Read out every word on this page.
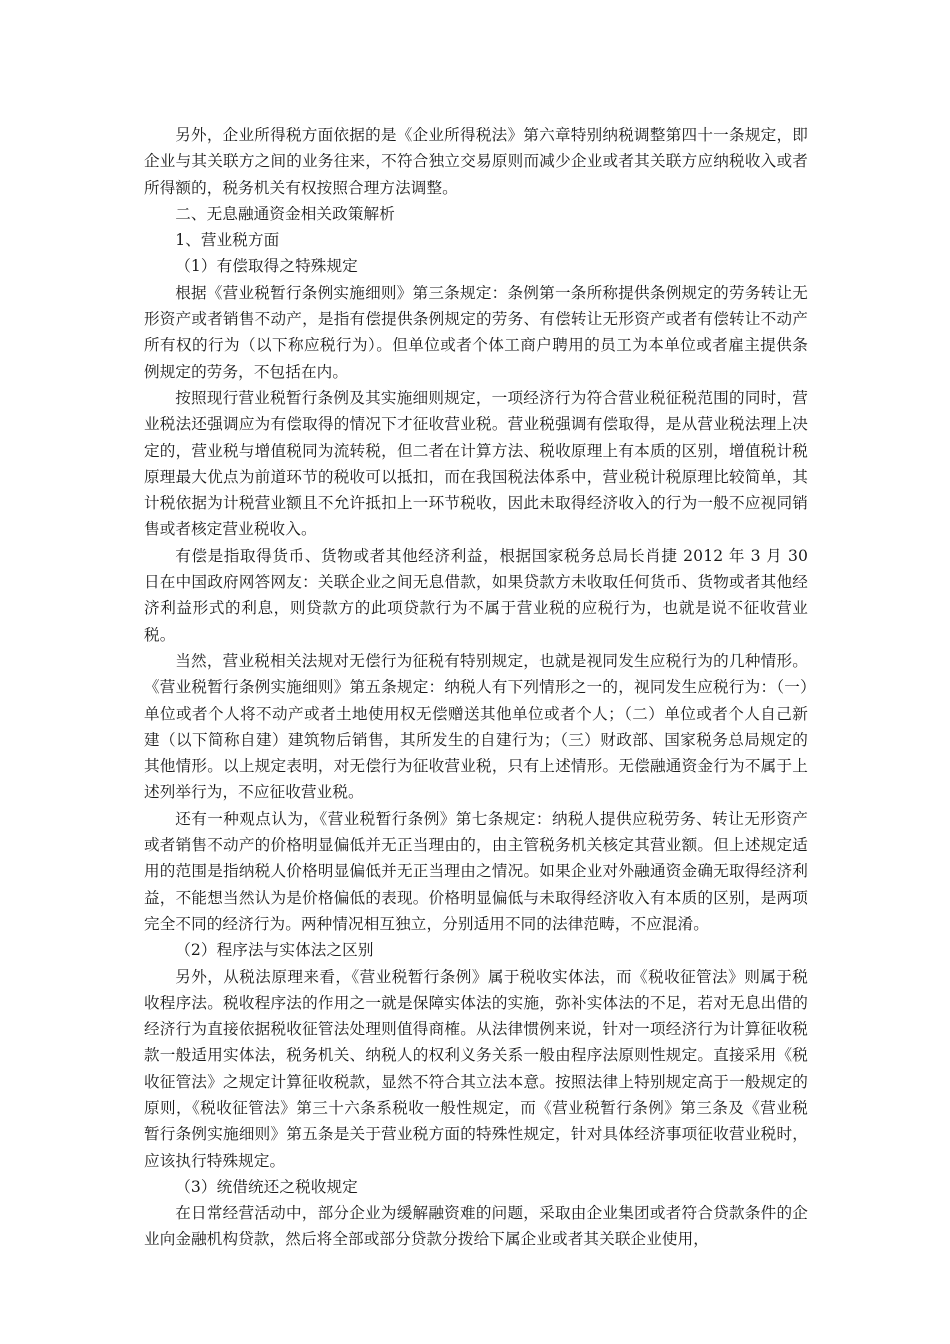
另外，企业所得税方面依据的是《企业所得税法》第六章特别纳税调整第四十一条规定，即企业与其关联方之间的业务往来，不符合独立交易原则而减少企业或者其关联方应纳税收入或者所得额的，税务机关有权按照合理方法调整。

二、无息融通资金相关政策解析

1、营业税方面

（1）有偿取得之特殊规定

根据《营业税暂行条例实施细则》第三条规定：条例第一条所称提供条例规定的劳务转让无形资产或者销售不动产，是指有偿提供条例规定的劳务、有偿转让无形资产或者有偿转让不动产所有权的行为（以下称应税行为）。但单位或者个体工商户聘用的员工为本单位或者雇主提供条例规定的劳务，不包括在内。

按照现行营业税暂行条例及其实施细则规定，一项经济行为符合营业税征税范围的同时，营业税法还强调应为有偿取得的情况下才征收营业税。营业税强调有偿取得，是从营业税法理上决定的，营业税与增值税同为流转税，但二者在计算方法、税收原理上有本质的区别，增值税计税原理最大优点为前道环节的税收可以抵扣，而在我国税法体系中，营业税计税原理比较简单，其计税依据为计税营业额且不允许抵扣上一环节税收，因此未取得经济收入的行为一般不应视同销售或者核定营业税收入。

有偿是指取得货币、货物或者其他经济利益，根据国家税务总局长肖捷 2012 年 3 月 30 日在中国政府网答网友：关联企业之间无息借款，如果贷款方未收取任何货币、货物或者其他经济利益形式的利息，则贷款方的此项贷款行为不属于营业税的应税行为，也就是说不征收营业税。

当然，营业税相关法规对无偿行为征税有特别规定，也就是视同发生应税行为的几种情形。《营业税暂行条例实施细则》第五条规定：纳税人有下列情形之一的，视同发生应税行为：（一）单位或者个人将不动产或者土地使用权无偿赠送其他单位或者个人；（二）单位或者个人自己新建（以下简称自建）建筑物后销售，其所发生的自建行为；（三）财政部、国家税务总局规定的其他情形。以上规定表明，对无偿行为征收营业税，只有上述情形。无偿融通资金行为不属于上述列举行为，不应征收营业税。

还有一种观点认为，《营业税暂行条例》第七条规定：纳税人提供应税劳务、转让无形资产或者销售不动产的价格明显偏低并无正当理由的，由主管税务机关核定其营业额。但上述规定适用的范围是指纳税人价格明显偏低并无正当理由之情况。如果企业对外融通资金确无取得经济利益，不能想当然认为是价格偏低的表现。价格明显偏低与未取得经济收入有本质的区别，是两项完全不同的经济行为。两种情况相互独立，分别适用不同的法律范畴，不应混淆。

（2）程序法与实体法之区别

另外，从税法原理来看，《营业税暂行条例》属于税收实体法，而《税收征管法》则属于税收程序法。税收程序法的作用之一就是保障实体法的实施，弥补实体法的不足，若对无息出借的经济行为直接依据税收征管法处理则值得商榷。从法律惯例来说，针对一项经济行为计算征收税款一般适用实体法，税务机关、纳税人的权利义务关系一般由程序法原则性规定。直接采用《税收征管法》之规定计算征收税款，显然不符合其立法本意。按照法律上特别规定高于一般规定的原则，《税收征管法》第三十六条系税收一般性规定，而《营业税暂行条例》第三条及《营业税暂行条例实施细则》第五条是关于营业税方面的特殊性规定，针对具体经济事项征收营业税时，应该执行特殊规定。

（3）统借统还之税收规定

在日常经营活动中，部分企业为缓解融资难的问题，采取由企业集团或者符合贷款条件的企业向金融机构贷款，然后将全部或部分贷款分拨给下属企业或者其关联企业使用，
